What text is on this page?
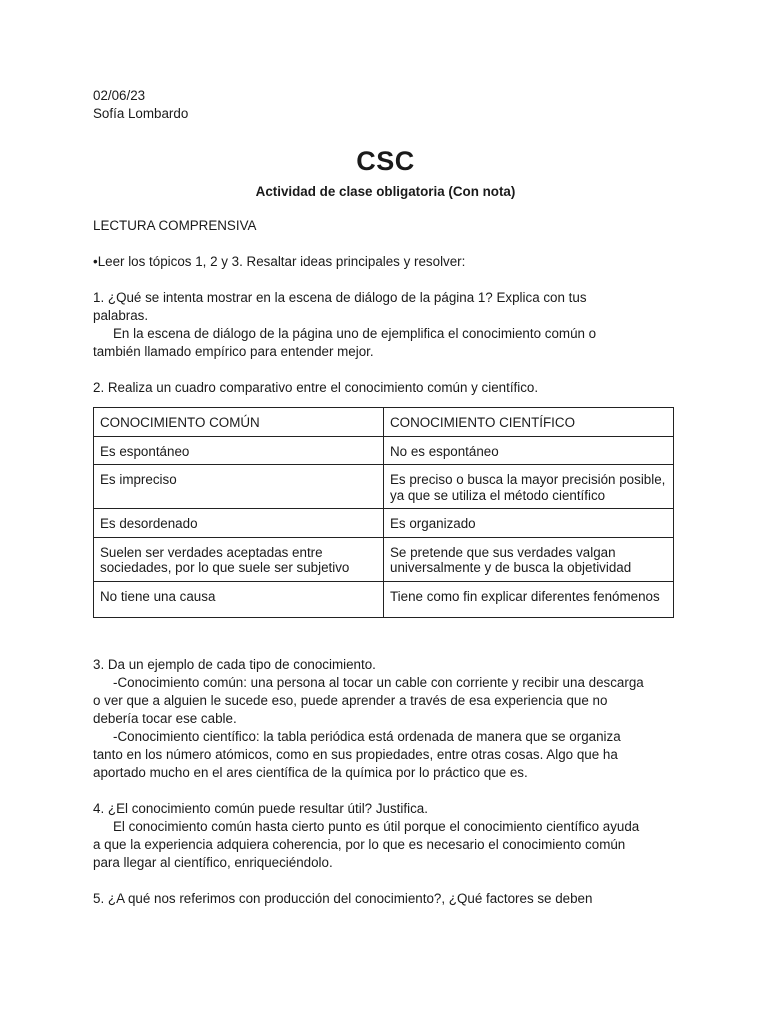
02/06/23

Sofía Lombardo

CSC

Actividad de clase obligatoria (Con nota)

LECTURA COMPRENSIVA

•Leer los tópicos 1, 2 y 3. Resaltar ideas principales y resolver:

1. ¿Qué se intenta mostrar en la escena de diálogo de la página 1? Explica con tus

palabras.

En la escena de diálogo de la página uno de ejemplifica el conocimiento común o

también llamado empírico para entender mejor.

2. Realiza un cuadro comparativo entre el conocimiento común y científico.

CONOCIMIENTO COMÚN	CONOCIMIENTO CIENTÍFICO
Es espontáneo	No es espontáneo
Es impreciso	Es preciso o busca la mayor precisión posible, ya que se utiliza el método científico
Es desordenado	Es organizado
Suelen ser verdades aceptadas entre sociedades, por lo que suele ser subjetivo	Se pretende que sus verdades valgan universalmente y de busca la objetividad
No tiene una causa	Tiene como fin explicar diferentes fenómenos

3. Da un ejemplo de cada tipo de conocimiento.

-Conocimiento común: una persona al tocar un cable con corriente y recibir una descarga

o ver que a alguien le sucede eso, puede aprender a través de esa experiencia que no

debería tocar ese cable.

-Conocimiento científico: la tabla periódica está ordenada de manera que se organiza

tanto en los número atómicos, como en sus propiedades, entre otras cosas. Algo que ha

aportado mucho en el ares científica de la química por lo práctico que es.

4. ¿El conocimiento común puede resultar útil? Justifica.

El conocimiento común hasta cierto punto es útil porque el conocimiento científico ayuda

a que la experiencia adquiera coherencia, por lo que es necesario el conocimiento común

para llegar al científico, enriqueciéndolo.

5. ¿A qué nos referimos con producción del conocimiento?, ¿Qué factores se deben
